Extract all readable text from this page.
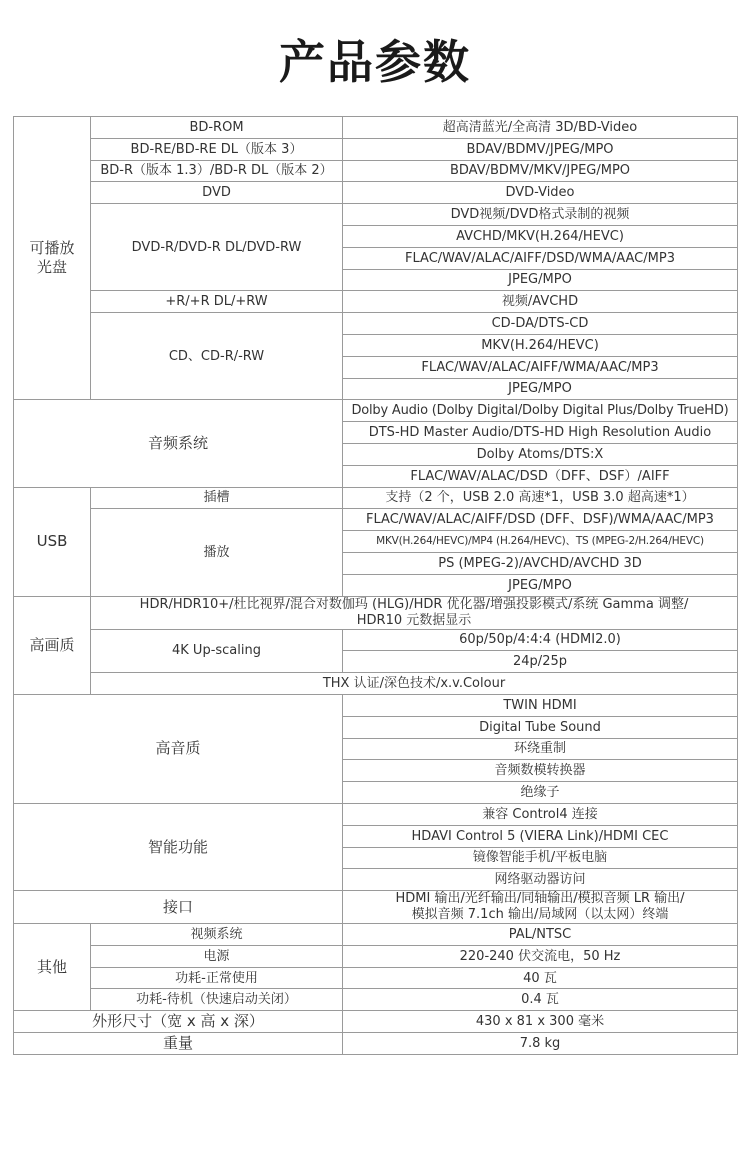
产品参数
可播放
光盘	BD-ROM	超高清蓝光/全高清 3D/BD-Video
	BD-RE/BD-RE DL（版本 3）	BDAV/BDMV/JPEG/MPO
	BD-R（版本 1.3）/BD-R DL（版本 2）	BDAV/BDMV/MKV/JPEG/MPO
	DVD	DVD-Video
	DVD-R/DVD-R DL/DVD-RW	DVD视频/DVD格式录制的视频
		AVCHD/MKV(H.264/HEVC)
		FLAC/WAV/ALAC/AIFF/DSD/WMA/AAC/MP3
		JPEG/MPO
	+R/+R DL/+RW	视频/AVCHD
	CD、CD-R/-RW	CD-DA/DTS-CD
		MKV(H.264/HEVC)
		FLAC/WAV/ALAC/AIFF/WMA/AAC/MP3
		JPEG/MPO
音频系统		Dolby Audio (Dolby Digital/Dolby Digital Plus/Dolby TrueHD)
		DTS-HD Master Audio/DTS-HD High Resolution Audio
		Dolby Atoms/DTS:X
		FLAC/WAV/ALAC/DSD（DFF、DSF）/AIFF
USB	插槽	支持（2 个，USB 2.0 高速*1，USB 3.0 超高速*1）
	播放	FLAC/WAV/ALAC/AIFF/DSD (DFF、DSF)/WMA/AAC/MP3
		MKV(H.264/HEVC)/MP4 (H.264/HEVC)、TS (MPEG-2/H.264/HEVC)
		PS (MPEG-2)/AVCHD/AVCHD 3D
		JPEG/MPO
高画质	HDR/HDR10+/杜比视界/混合对数伽玛 (HLG)/HDR 优化器/增强投影模式/系统 Gamma 调整/
HDR10 元数据显示	
	4K Up-scaling	60p/50p/4:4:4 (HDMI2.0)
		24p/25p
	THX 认证/深色技术/x.v.Colour	
高音质		TWIN HDMI
		Digital Tube Sound
		环绕重制
		音频数模转换器
		绝缘子
智能功能		兼容 Control4 连接
		HDAVI Control 5 (VIERA Link)/HDMI CEC
		镜像智能手机/平板电脑
		网络驱动器访问
接口		HDMI 输出/光纤输出/同轴输出/模拟音频 LR 输出/
模拟音频 7.1ch 输出/局域网（以太网）终端
其他	视频系统	PAL/NTSC
	电源	220-240 伏交流电，50 Hz
	功耗-正常使用	40 瓦
	功耗-待机（快速启动关闭）	0.4 瓦
外形尺寸（宽 x 高 x 深）		430 x 81 x 300 毫米
重量		7.8 kg
